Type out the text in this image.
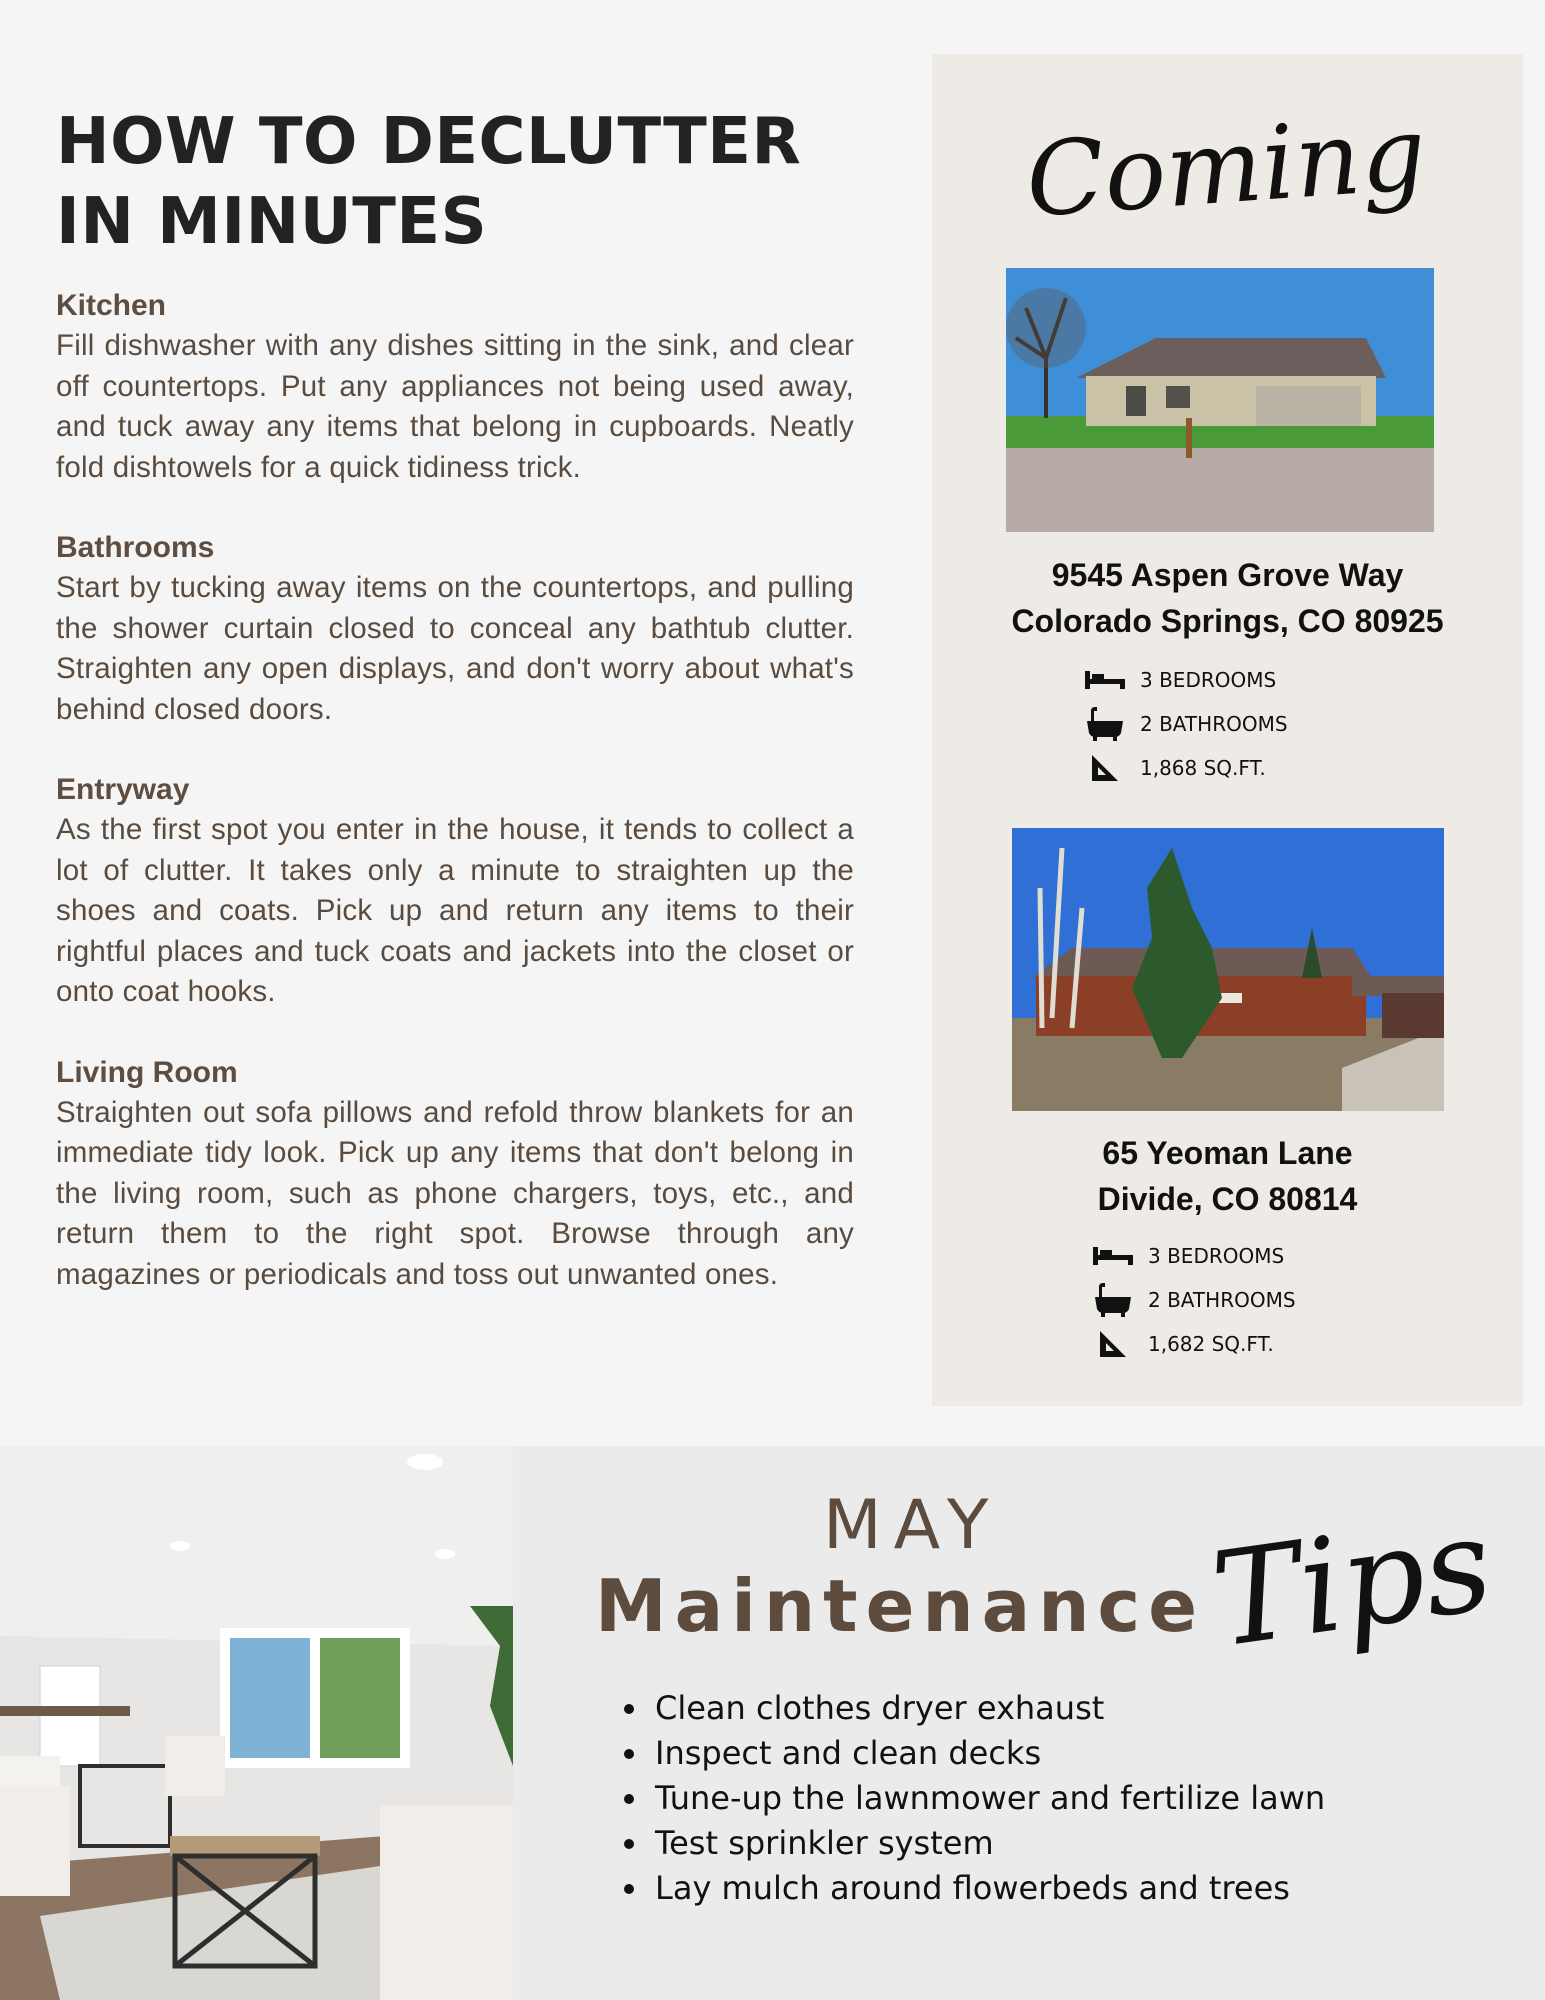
HOW TO DECLUTTER IN MINUTES
Kitchen

Fill dishwasher with any dishes sitting in the sink, and clear off countertops. Put any appliances not being used away, and tuck away any items that belong in cupboards. Neatly fold dishtowels for a quick tidiness trick.

Bathrooms

Start by tucking away items on the countertops, and pulling the shower curtain closed to conceal any bathtub clutter. Straighten any open displays, and don't worry about what's behind closed doors.

Entryway

As the first spot you enter in the house, it tends to collect a lot of clutter. It takes only a minute to straighten up the shoes and coats. Pick up and return any items to their rightful places and tuck coats and jackets into the closet or onto coat hooks.

Living Room

Straighten out sofa pillows and refold throw blankets for an immediate tidy look. Pick up any items that don't belong in the living room, such as phone chargers, toys, etc., and return them to the right spot. Browse through any magazines or periodicals and toss out unwanted ones.

Coming
9545 Aspen Grove Way
Colorado Springs, CO 80925
3 BEDROOMS
2 BATHROOMS
1,868 SQ.FT.
65 Yeoman Lane
Divide, CO 80814
3 BEDROOMS
2 BATHROOMS
1,682 SQ.FT.
MAY
Maintenance
Tips
• Clean clothes dryer exhaust
• Inspect and clean decks
• Tune-up the lawnmower and fertilize lawn
• Test sprinkler system
• Lay mulch around flowerbeds and trees
